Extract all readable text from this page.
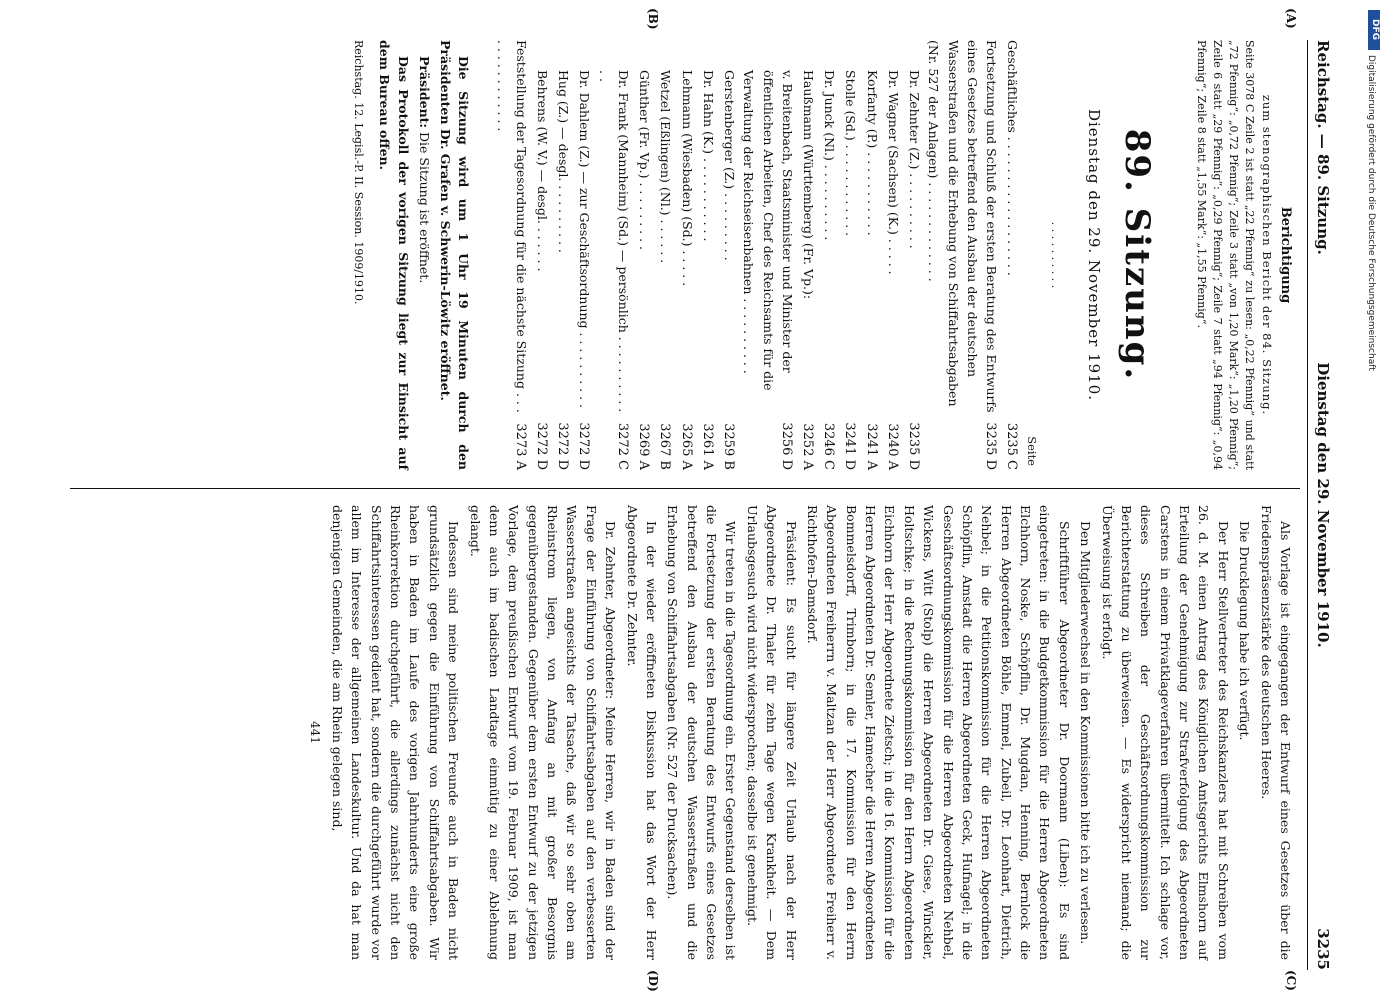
Reichstag. — 89. Sitzung.
Dienstag den 29. November 1910.
3235
(A)
(B)
(C)
(D)
Berichtigung
zum stenographischen Bericht der 84. Sitzung.
Seite 3078 C Zeile 2 ist statt „22 Pfennig“ zu lesen: „0,22 Pfennig“ und statt „72 Pfennig“: „0,72 Pfennig“; Zeile 3 statt „von 1,20 Mark“: „1,20 Pfennig“; Zeile 6 statt „29 Pfennig“: „0,29 Pfennig“; Zeile 7 statt „94 Pfennig“: „0,94 Pfennig“; Zeile 8 statt „1,55 Mark“: „1,55 Pfennig“.
89. Sitzung.
Dienstag den 29. November 1910.
· · · · · · · · · ·
Seite
Geschäftliches . . . . . . . . . . . . . . . . . .
3235 C
Fortsetzung und Schluß der ersten Beratung des Entwurfs eines Gesetzes betreffend den Ausbau der deutschen Wasserstraßen und die Erhebung von Schiffahrtsabgaben (Nr. 527 der Anlagen) . . . . . . . . . . . . .
3235 D
Dr. Zehnter (Z.) . . . . . . . . . .
3235 D
Dr. Wagner (Sachsen) (K.) . . . . .
3240 A
Korfanty (P.) . . . . . . . . . . .
3241 A
Stolle (Sd.) . . . . . . . . . . . .
3241 D
Dr. Junck (Nl.) . . . . . . . . . .
3246 C
Haußmann (Württemberg) (Fr. Vp.):
3252 A
v. Breitenbach, Staatsminister und Minister der öffentlichen Arbeiten, Chef des Reichsamts für die Verwaltung der Reichseisenbahnen . . . . . . . . . .
3256 D
Gerstenberger (Z.) . . . . . . . . .
3259 B
Dr. Hahn (K.) . . . . . . . . . . .
3261 A
Lehmann (Wiesbaden) (Sd.) . . . . .
3265 A
Wetzel (Eßlingen) (Nl.) . . . . . .
3267 B
Günther (Fr. Vp.) . . . . . . . . .
3269 A
Dr. Frank (Mannheim) (Sd.) — persönlich . . . . . . . . . . . .
3272 C
Dr. Dahlem (Z.) — zur Geschäftsordnung . . . . . . . . . .
3272 D
Hug (Z.) — desgl. . . . . . . . . .
3272 D
Behrens (W. V.) — desgl. . . . . . .
3272 D
Feststellung der Tagesordnung für die nächste Sitzung . . . . . . . . . . . . . . .
3273 A

Die Sitzung wird um 1 Uhr 19 Minuten durch den Präsidenten Dr. Grafen v. Schwerin-Löwitz eröffnet.

Präsident: Die Sitzung ist eröffnet.

Das Protokoll der vorigen Sitzung liegt zur Einsicht auf dem Bureau offen.

Reichstag. 12. Legisl.-P. II. Session. 1909/1910.

Als Vorlage ist eingegangen der Entwurf eines Gesetzes über die Friedenspräsenzstärke des deutschen Heeres.

Die Drucklegung habe ich verfügt.

Der Herr Stellvertreter des Reichskanzlers hat mit Schreiben vom 26. d. M. einen Antrag des Königlichen Amtsgerichts Elmshorn auf Erteilung der Genehmigung zur Strafverfolgung des Abgeordneten Carstens in einem Privatklageverfahren übermittelt. Ich schlage vor, dieses Schreiben der Geschäftsordnungskommission zur Berichterstattung zu überweisen. — Es widerspricht niemand; die Überweisung ist erfolgt.

Den Mitgliederwechsel in den Kommissionen bitte ich zu verlesen.

Schriftführer Abgeordneter Dr. Doormann (Liben): Es sind eingetreten: in die Budgetkommission für die Herren Abgeordneten Elchhorn, Noske, Schöpflin, Dr. Mugdan, Henning, Bernlock die Herren Abgeordneten Böhle, Emmel, Zubeil, Dr. Leonhart, Dietrich, Nehbel; in die Petitionskommission für die Herren Abgeordneten Schöpflin, Amstadt die Herren Abgeordneten Geck, Hufnagel; in die Geschäftsordnungskommission für die Herren Abgeordneten Nehbel, Wickens, Witt (Stolp) die Herren Abgeordneten Dr. Giese, Winckler, Holtschke; in die Rechnungskommission für den Herrn Abgeordneten Eichhorn der Herr Abgeordnete Zietsch; in die 16. Kommission für die Herren Abgeordneten Dr. Semler, Hamecher die Herren Abgeordneten Bommelsdorff, Trimborn; in die 17. Kommission für den Herrn Abgeordneten Freiherrn v. Maltzan der Herr Abgeordnete Freiherr v. Richthofen-Damsdorf.

Präsident: Es sucht für längere Zeit Urlaub nach der Herr Abgeordnete Dr. Thaler für zehn Tage wegen Krankheit. — Dem Urlaubsgesuch wird nicht widersprochen; dasselbe ist genehmigt.

Wir treten in die Tagesordnung ein. Erster Gegenstand derselben ist die Fortsetzung der ersten Beratung des Entwurfs eines Gesetzes betreffend den Ausbau der deutschen Wasserstraßen und die Erhebung von Schiffahrtsabgaben (Nr. 527 der Drucksachen).

In der wieder eröffneten Diskussion hat das Wort der Herr Abgeordnete Dr. Zehnter.

Dr. Zehnter, Abgeordneter: Meine Herren, wir in Baden sind der Frage der Einführung von Schiffahrtsabgaben auf den verbesserten Wasserstraßen angesichts der Tatsache, daß wir so sehr oben am Rheinstrom liegen, von Anfang an mit großer Besorgnis gegenübergestanden. Gegenüber dem ersten Entwurf zu der jetzigen Vorlage, dem preußischen Entwurf vom 19. Februar 1909, ist man denn auch im badischen Landtage einmütig zu einer Ablehnung gelangt.

Indessen sind meine politischen Freunde auch in Baden nicht grundsätzlich gegen die Einführung von Schiffahrtsabgaben. Wir haben in Baden im Laufe des vorigen Jahrhunderts eine große Rheinkorrektion durchgeführt, die allerdings zunächst nicht den Schiffahrtsinteressen gedient hat, sondern die durchgeführt wurde vor allem im Interesse der allgemeinen Landeskultur. Und da hat man denjenigen Gemeinden, die am Rhein gelegen sind,

441
DFG
Digitalisierung gefördert durch die Deutsche Forschungsgemeinschaft
